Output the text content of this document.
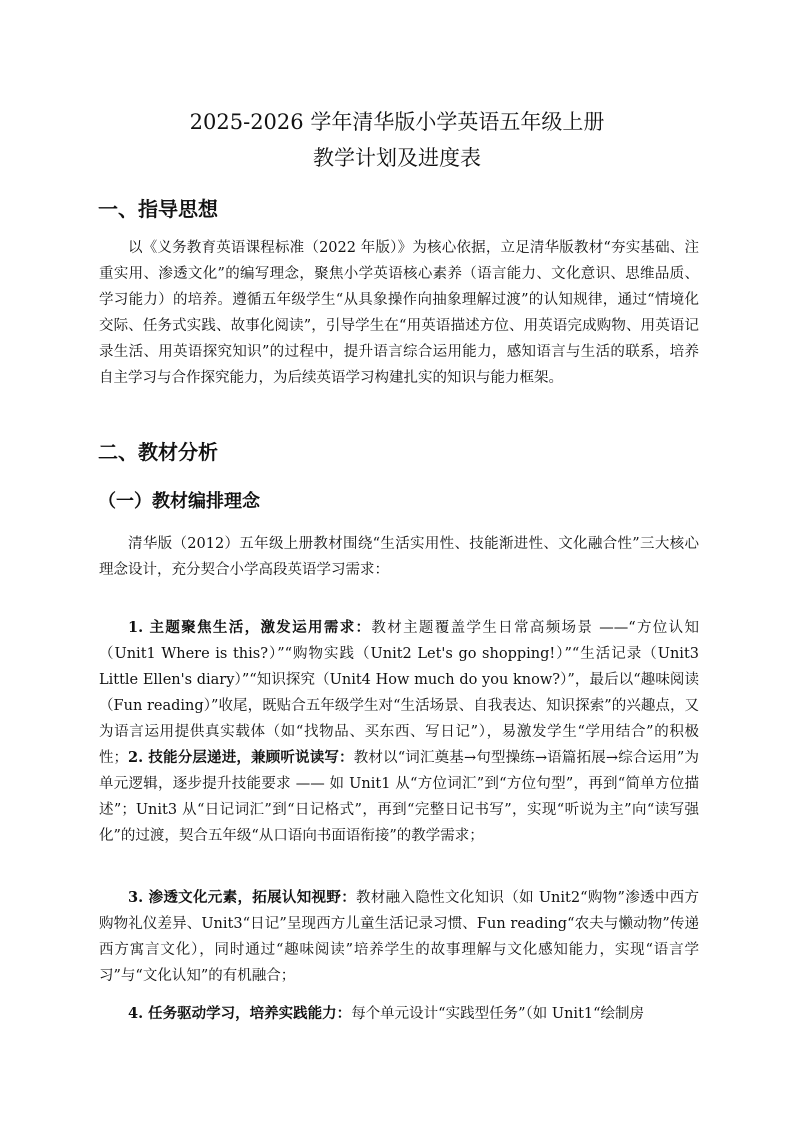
2025-2026 学年清华版小学英语五年级上册
教学计划及进度表
一、指导思想
以《义务教育英语课程标准（2022 年版）》为核心依据，立足清华版教材“夯实基础、注重实用、渗透文化”的编写理念，聚焦小学英语核心素养（语言能力、文化意识、思维品质、学习能力）的培养。遵循五年级学生“从具象操作向抽象理解过渡”的认知规律，通过“情境化交际、任务式实践、故事化阅读”，引导学生在“用英语描述方位、用英语完成购物、用英语记录生活、用英语探究知识”的过程中，提升语言综合运用能力，感知语言与生活的联系，培养自主学习与合作探究能力，为后续英语学习构建扎实的知识与能力框架。
二、教材分析
（一）教材编排理念
清华版（2012）五年级上册教材围绕“生活实用性、技能渐进性、文化融合性”三大核心理念设计，充分契合小学高段英语学习需求：
1. 主题聚焦生活，激发运用需求：教材主题覆盖学生日常高频场景 ——“方位认知（Unit1 Where is this?）”“购物实践（Unit2 Let's go shopping!）”“生活记录（Unit3 Little Ellen's diary）”“知识探究（Unit4 How much do you know?）”，最后以“趣味阅读（Fun reading）”收尾，既贴合五年级学生对“生活场景、自我表达、知识探索”的兴趣点，又为语言运用提供真实载体（如“找物品、买东西、写日记”），易激发学生“学用结合”的积极性； 2. 技能分层递进，兼顾听说读写：教材以“词汇奠基→句型操练→语篇拓展→综合运用”为单元逻辑，逐步提升技能要求 —— 如 Unit1 从“方位词汇”到“方位句型”，再到“简单方位描述”；Unit3 从“日记词汇”到“日记格式”，再到“完整日记书写”，实现“听说为主”向“读写强化”的过渡，契合五年级“从口语向书面语衔接”的教学需求；
3. 渗透文化元素，拓展认知视野：教材融入隐性文化知识（如 Unit2“购物”渗透中西方购物礼仪差异、Unit3“日记”呈现西方儿童生活记录习惯、Fun reading“农夫与懒动物”传递西方寓言文化），同时通过“趣味阅读”培养学生的故事理解与文化感知能力，实现“语言学习”与“文化认知”的有机融合；
4. 任务驱动学习，培养实践能力：每个单元设计“实践型任务”（如 Unit1“绘制房
